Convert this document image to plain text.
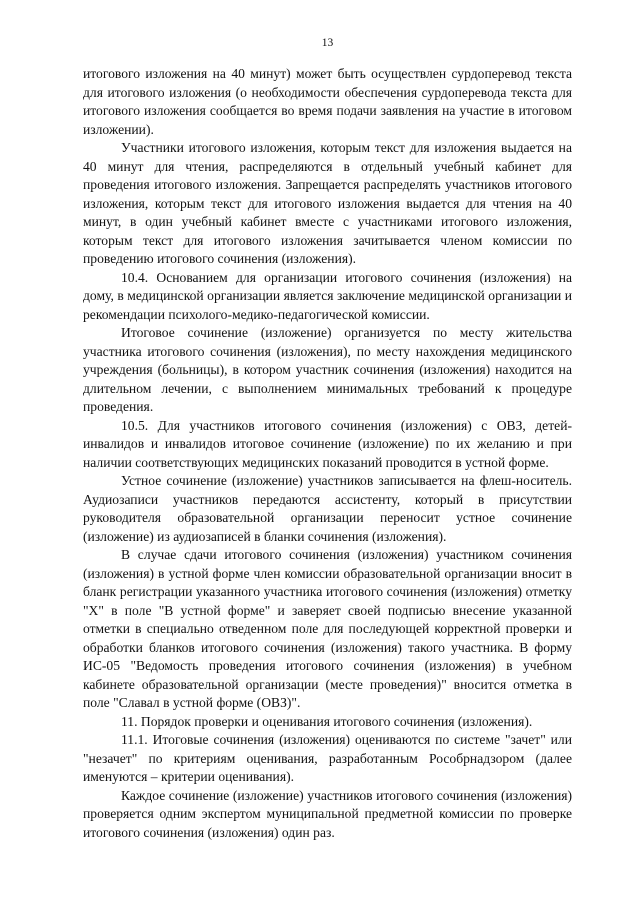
13

итогового изложения на 40 минут) может быть осуществлен сурдоперевод текста для итогового изложения (о необходимости обеспечения сурдоперевода текста для итогового изложения сообщается во время подачи заявления на участие в итоговом изложении).

Участники итогового изложения, которым текст для изложения выдается на 40 минут для чтения, распределяются в отдельный учебный кабинет для проведения итогового изложения. Запрещается распределять участников итогового изложения, которым текст для итогового изложения выдается для чтения на 40 минут, в один учебный кабинет вместе с участниками итогового изложения, которым текст для итогового изложения зачитывается членом комиссии по проведению итогового сочинения (изложения).

10.4. Основанием для организации итогового сочинения (изложения) на дому, в медицинской организации является заключение медицинской организации и рекомендации психолого-медико-педагогической комиссии.

Итоговое сочинение (изложение) организуется по месту жительства участника итогового сочинения (изложения), по месту нахождения медицинского учреждения (больницы), в котором участник сочинения (изложения) находится на длительном лечении, с выполнением минимальных требований к процедуре проведения.

10.5. Для участников итогового сочинения (изложения) с ОВЗ, детей-инвалидов и инвалидов итоговое сочинение (изложение) по их желанию и при наличии соответствующих медицинских показаний проводится в устной форме.

Устное сочинение (изложение) участников записывается на флеш-носитель. Аудиозаписи участников передаются ассистенту, который в присутствии руководителя образовательной организации переносит устное сочинение (изложение) из аудиозаписей в бланки сочинения (изложения).

В случае сдачи итогового сочинения (изложения) участником сочинения (изложения) в устной форме член комиссии образовательной организации вносит в бланк регистрации указанного участника итогового сочинения (изложения) отметку "X" в поле "В устной форме" и заверяет своей подписью внесение указанной отметки в специально отведенном поле для последующей корректной проверки и обработки бланков итогового сочинения (изложения) такого участника. В форму ИС-05 "Ведомость проведения итогового сочинения (изложения) в учебном кабинете образовательной организации (месте проведения)" вносится отметка в поле "Славал в устной форме (ОВЗ)".

11. Порядок проверки и оценивания итогового сочинения (изложения).

11.1. Итоговые сочинения (изложения) оцениваются по системе "зачет" или "незачет" по критериям оценивания, разработанным Рособрнадзором (далее именуются – критерии оценивания).

Каждое сочинение (изложение) участников итогового сочинения (изложения) проверяется одним экспертом муниципальной предметной комиссии по проверке итогового сочинения (изложения) один раз.
